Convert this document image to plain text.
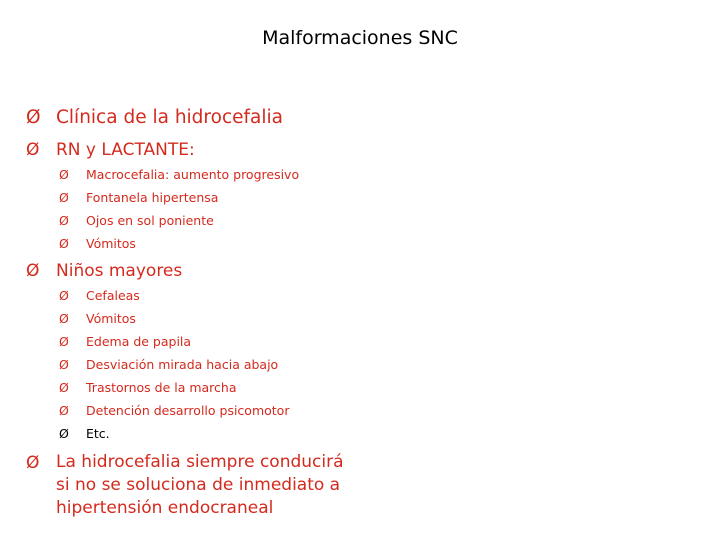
Malformaciones SNC
Ø Clínica de la hidrocefalia
Ø RN y LACTANTE:
Ø	Macrocefalia: aumento progresivo
Ø	Fontanela hipertensa
Ø	Ojos en sol poniente
Ø	Vómitos
Ø Niños mayores
Ø	Cefaleas
Ø	Vómitos
Ø	Edema de papila
Ø	Desviación mirada hacia abajo
Ø	Trastornos de la marcha
Ø	Detención desarrollo psicomotor
Ø	Etc.
Ø La hidrocefalia siempre conducirá si no se soluciona de inmediato a hipertensión endocraneal
